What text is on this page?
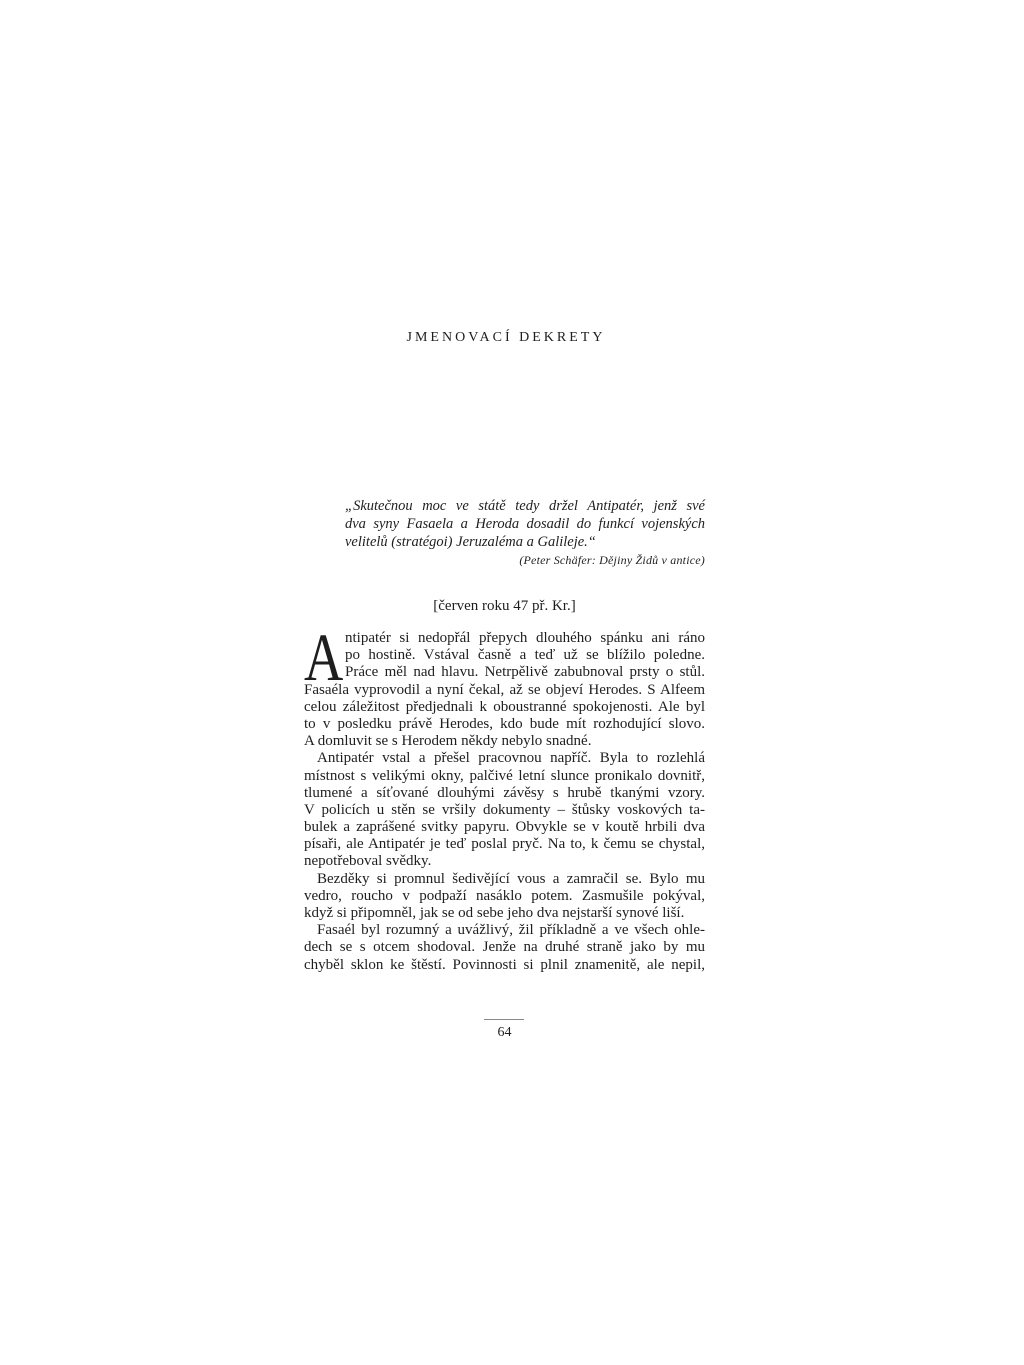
JMENOVACÍ DEKRETY
„Skutečnou moc ve státě tedy držel Antipatér, jenž své
dva syny Fasaela a Heroda dosadil do funkcí vojenských
velitelů (stratégoi) Jeruzaléma a Galileje.“
(Peter Schäfer: Dějiny Židů v antice)
[červen roku 47 př. Kr.]
A ntipatér si nedopřál přepych dlouhého spánku ani ráno
po hostině. Vstával časně a teď už se blížilo poledne.
Práce měl nad hlavu. Netrpělivě zabubnoval prsty o stůl.
Fasaéla vyprovodil a nyní čekal, až se objeví Herodes. S Alfeem
celou záležitost předjednali k oboustranné spokojenosti. Ale byl
to v posledku právě Herodes, kdo bude mít rozhodující slovo.
A domluvit se s Herodem někdy nebylo snadné.
Antipatér vstal a přešel pracovnou napříč. Byla to rozlehlá
místnost s velikými okny, palčivé letní slunce pronikalo dovnitř,
tlumené a síťované dlouhými závěsy s hrubě tkanými vzory.
V policích u stěn se vršily dokumenty – štůsky voskových ta-
bulek a zaprášené svitky papyru. Obvykle se v koutě hrbili dva
písaři, ale Antipatér je teď poslal pryč. Na to, k čemu se chystal,
nepotřeboval svědky.
Bezděky si promnul šedivějící vous a zamračil se. Bylo mu
vedro, roucho v podpaží nasáklo potem. Zasmušile pokýval,
když si připomněl, jak se od sebe jeho dva nejstarší synové liší.
Fasaél byl rozumný a uvážlivý, žil příkladně a ve všech ohle-
dech se s otcem shodoval. Jenže na druhé straně jako by mu
chyběl sklon ke štěstí. Povinnosti si plnil znamenitě, ale nepil,
64
